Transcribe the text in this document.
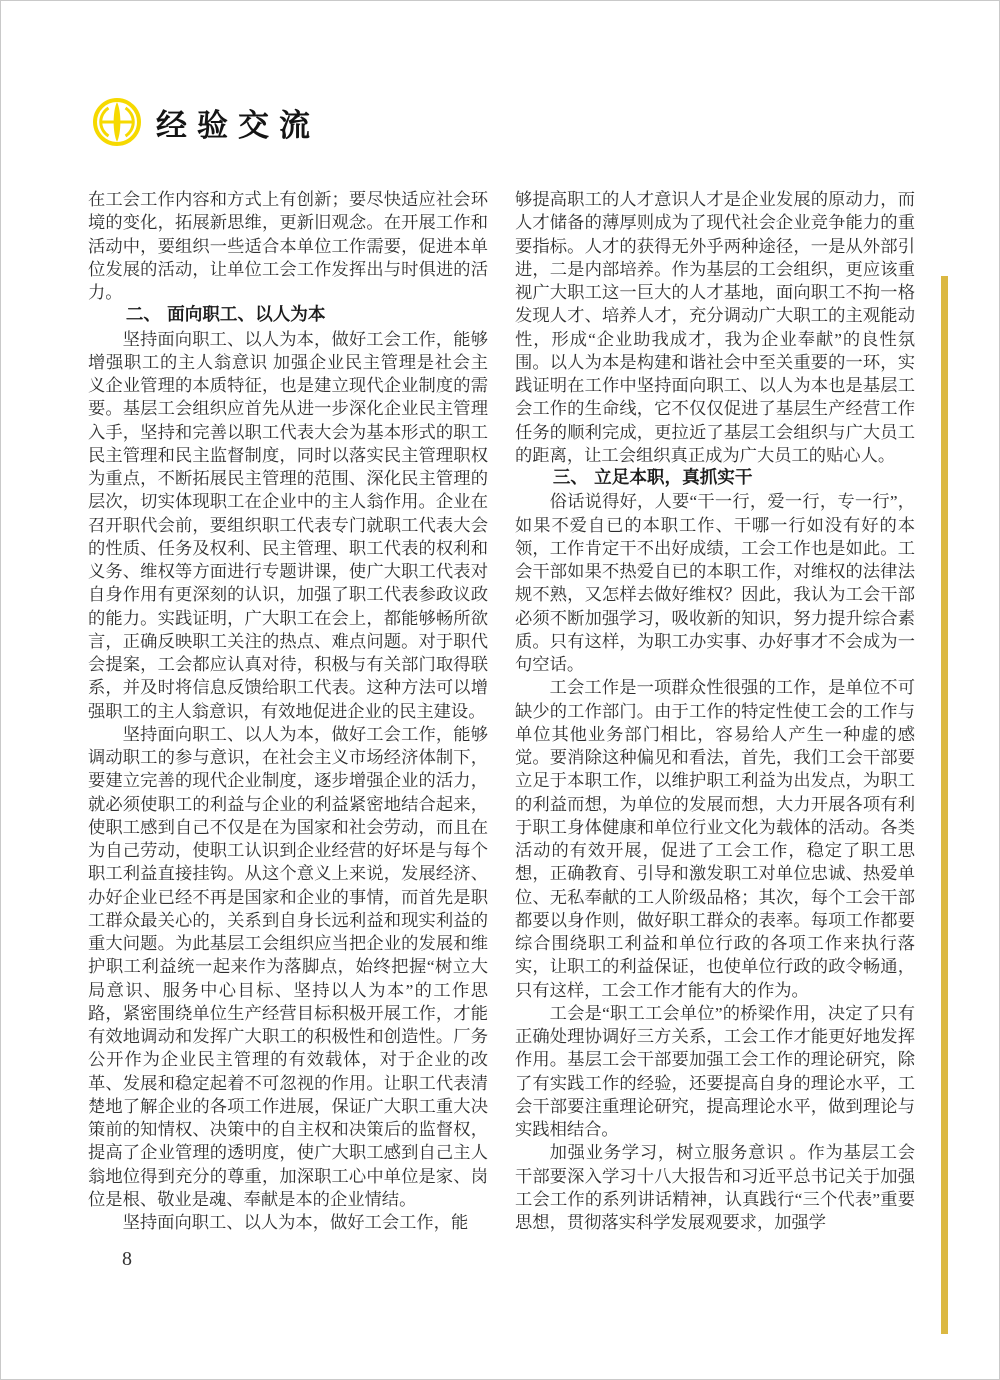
经验交流

在工会工作内容和方式上有创新；要尽快适应社会环境的变化，拓展新思维，更新旧观念。在开展工作和活动中，要组织一些适合本单位工作需要，促进本单位发展的活动，让单位工会工作发挥出与时俱进的活力。

二、 面向职工、以人为本

坚持面向职工、以人为本，做好工会工作，能够增强职工的主人翁意识 加强企业民主管理是社会主义企业管理的本质特征，也是建立现代企业制度的需要。基层工会组织应首先从进一步深化企业民主管理入手，坚持和完善以职工代表大会为基本形式的职工民主管理和民主监督制度，同时以落实民主管理职权为重点，不断拓展民主管理的范围、深化民主管理的层次，切实体现职工在企业中的主人翁作用。企业在召开职代会前，要组织职工代表专门就职工代表大会的性质、任务及权利、民主管理、职工代表的权利和义务、维权等方面进行专题讲课，使广大职工代表对自身作用有更深刻的认识，加强了职工代表参政议政的能力。实践证明，广大职工在会上，都能够畅所欲言，正确反映职工关注的热点、难点问题。对于职代会提案，工会都应认真对待，积极与有关部门取得联系，并及时将信息反馈给职工代表。这种方法可以增强职工的主人翁意识，有效地促进企业的民主建设。

坚持面向职工、以人为本，做好工会工作，能够调动职工的参与意识，在社会主义市场经济体制下，要建立完善的现代企业制度，逐步增强企业的活力，就必须使职工的利益与企业的利益紧密地结合起来，使职工感到自己不仅是在为国家和社会劳动，而且在为自己劳动，使职工认识到企业经营的好坏是与每个职工利益直接挂钩。从这个意义上来说，发展经济、办好企业已经不再是国家和企业的事情，而首先是职工群众最关心的，关系到自身长远利益和现实利益的重大问题。为此基层工会组织应当把企业的发展和维护职工利益统一起来作为落脚点，始终把握“树立大局意识、服务中心目标、坚持以人为本”的工作思路，紧密围绕单位生产经营目标积极开展工作，才能有效地调动和发挥广大职工的积极性和创造性。厂务公开作为企业民主管理的有效载体，对于企业的改革、发展和稳定起着不可忽视的作用。让职工代表清楚地了解企业的各项工作进展，保证广大职工重大决策前的知情权、决策中的自主权和决策后的监督权，提高了企业管理的透明度，使广大职工感到自己主人翁地位得到充分的尊重，加深职工心中单位是家、岗位是根、敬业是魂、奉献是本的企业情结。

坚持面向职工、以人为本，做好工会工作，能

够提高职工的人才意识人才是企业发展的原动力，而人才储备的薄厚则成为了现代社会企业竞争能力的重要指标。人才的获得无外乎两种途径，一是从外部引进，二是内部培养。作为基层的工会组织，更应该重视广大职工这一巨大的人才基地，面向职工不拘一格发现人才、培养人才，充分调动广大职工的主观能动性，形成“企业助我成才，我为企业奉献”的良性氛围。以人为本是构建和谐社会中至关重要的一环，实践证明在工作中坚持面向职工、以人为本也是基层工会工作的生命线，它不仅仅促进了基层生产经营工作任务的顺利完成，更拉近了基层工会组织与广大员工的距离，让工会组织真正成为广大员工的贴心人。

三、 立足本职，真抓实干

俗话说得好，人要“干一行，爱一行，专一行”，如果不爱自已的本职工作、干哪一行如没有好的本领，工作肯定干不出好成绩，工会工作也是如此。工会干部如果不热爱自已的本职工作，对维权的法律法规不熟，又怎样去做好维权？因此，我认为工会干部必须不断加强学习，吸收新的知识，努力提升综合素质。只有这样，为职工办实事、办好事才不会成为一句空话。

工会工作是一项群众性很强的工作，是单位不可缺少的工作部门。由于工作的特定性使工会的工作与单位其他业务部门相比，容易给人产生一种虚的感觉。要消除这种偏见和看法，首先，我们工会干部要立足于本职工作，以维护职工利益为出发点，为职工的利益而想，为单位的发展而想，大力开展各项有利于职工身体健康和单位行业文化为载体的活动。各类活动的有效开展，促进了工会工作，稳定了职工思想，正确教育、引导和激发职工对单位忠诚、热爱单位、无私奉献的工人阶级品格；其次，每个工会干部都要以身作则，做好职工群众的表率。每项工作都要综合围绕职工利益和单位行政的各项工作来执行落实，让职工的利益保证，也使单位行政的政令畅通，只有这样，工会工作才能有大的作为。

工会是“职工工会单位”的桥梁作用，决定了只有正确处理协调好三方关系，工会工作才能更好地发挥作用。基层工会干部要加强工会工作的理论研究，除了有实践工作的经验，还要提高自身的理论水平，工会干部要注重理论研究，提高理论水平，做到理论与实践相结合。

加强业务学习，树立服务意识 。作为基层工会干部要深入学习十八大报告和习近平总书记关于加强工会工作的系列讲话精神，认真践行“三个代表”重要思想，贯彻落实科学发展观要求，加强学

8
